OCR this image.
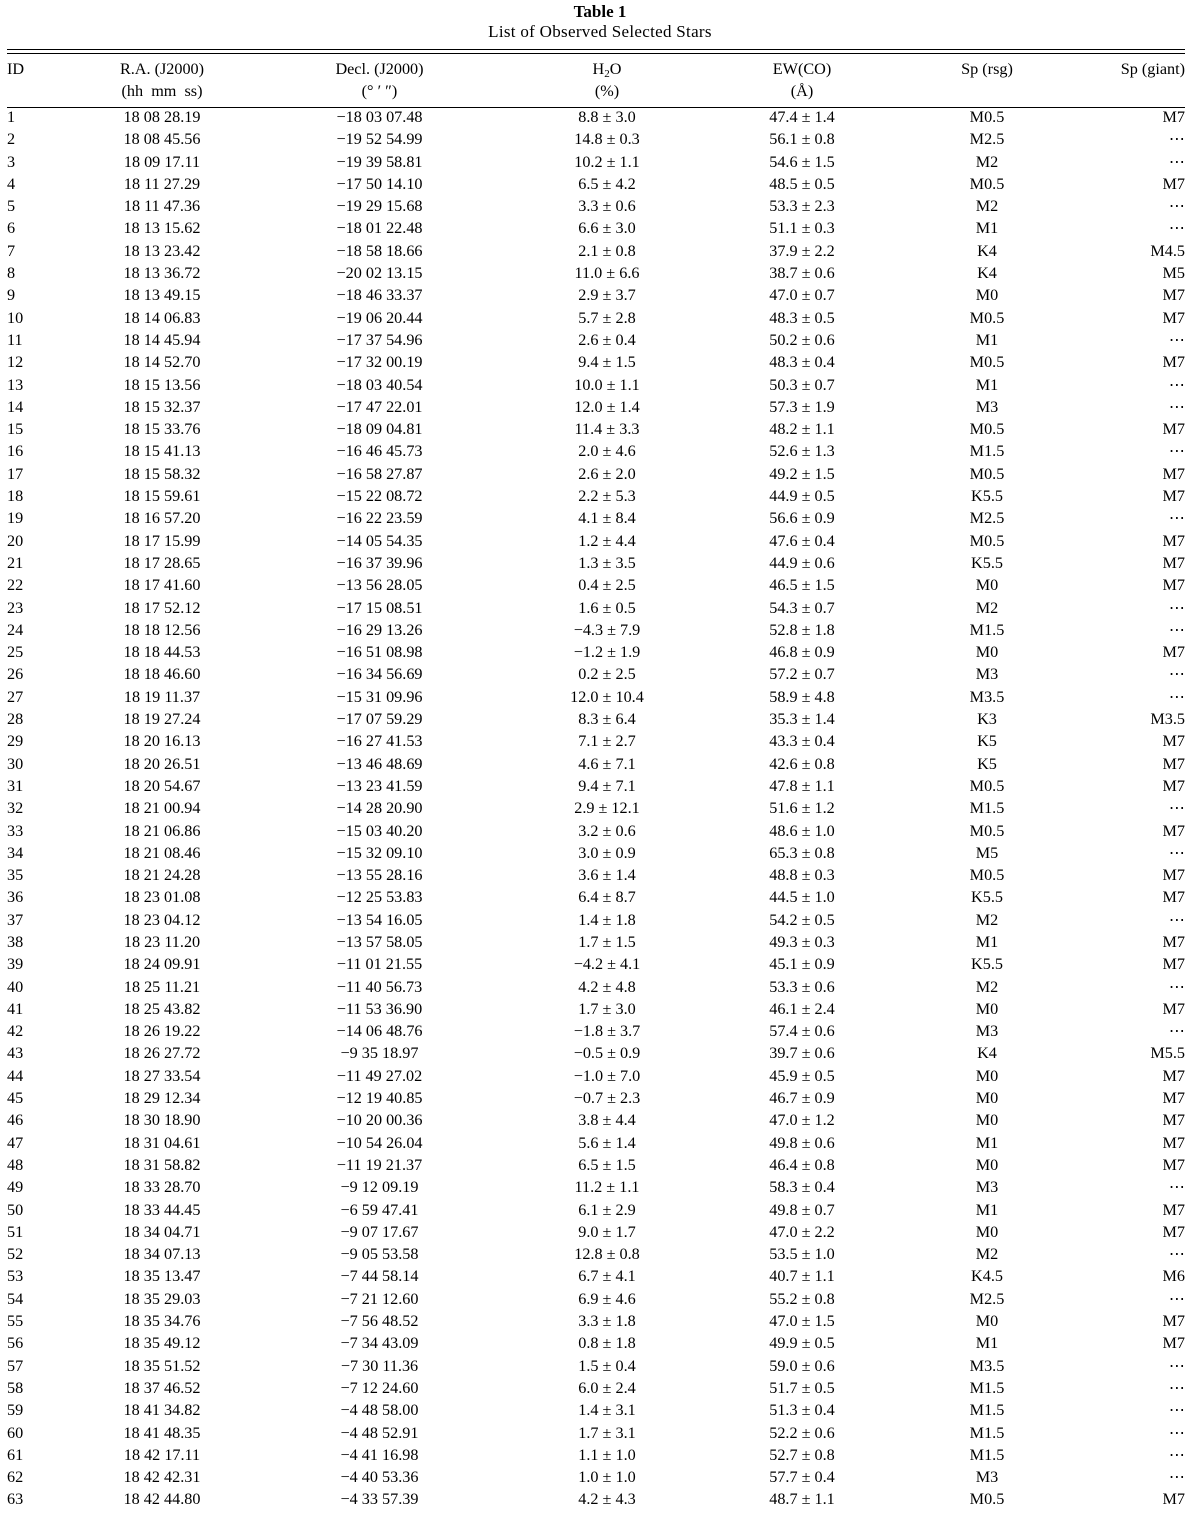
Table 1
List of Observed Selected Stars
ID	R.A. (J2000)	Decl. (J2000)	$H_2O$	EW(CO)	Sp (rsg)	Sp (giant)
	(hh  mm  ss)	(° ′ ″)	(%)	(Å)		
1	18 08 28.19	−18 03 07.48	8.8 ± 3.0	47.4 ± 1.4	M0.5	M7
2	18 08 45.56	−19 52 54.99	14.8 ± 0.3	56.1 ± 0.8	M2.5	⋯
3	18 09 17.11	−19 39 58.81	10.2 ± 1.1	54.6 ± 1.5	M2	⋯
4	18 11 27.29	−17 50 14.10	6.5 ± 4.2	48.5 ± 0.5	M0.5	M7
5	18 11 47.36	−19 29 15.68	3.3 ± 0.6	53.3 ± 2.3	M2	⋯
6	18 13 15.62	−18 01 22.48	6.6 ± 3.0	51.1 ± 0.3	M1	⋯
7	18 13 23.42	−18 58 18.66	2.1 ± 0.8	37.9 ± 2.2	K4	M4.5
8	18 13 36.72	−20 02 13.15	11.0 ± 6.6	38.7 ± 0.6	K4	M5
9	18 13 49.15	−18 46 33.37	2.9 ± 3.7	47.0 ± 0.7	M0	M7
10	18 14 06.83	−19 06 20.44	5.7 ± 2.8	48.3 ± 0.5	M0.5	M7
11	18 14 45.94	−17 37 54.96	2.6 ± 0.4	50.2 ± 0.6	M1	⋯
12	18 14 52.70	−17 32 00.19	9.4 ± 1.5	48.3 ± 0.4	M0.5	M7
13	18 15 13.56	−18 03 40.54	10.0 ± 1.1	50.3 ± 0.7	M1	⋯
14	18 15 32.37	−17 47 22.01	12.0 ± 1.4	57.3 ± 1.9	M3	⋯
15	18 15 33.76	−18 09 04.81	11.4 ± 3.3	48.2 ± 1.1	M0.5	M7
16	18 15 41.13	−16 46 45.73	2.0 ± 4.6	52.6 ± 1.3	M1.5	⋯
17	18 15 58.32	−16 58 27.87	2.6 ± 2.0	49.2 ± 1.5	M0.5	M7
18	18 15 59.61	−15 22 08.72	2.2 ± 5.3	44.9 ± 0.5	K5.5	M7
19	18 16 57.20	−16 22 23.59	4.1 ± 8.4	56.6 ± 0.9	M2.5	⋯
20	18 17 15.99	−14 05 54.35	1.2 ± 4.4	47.6 ± 0.4	M0.5	M7
21	18 17 28.65	−16 37 39.96	1.3 ± 3.5	44.9 ± 0.6	K5.5	M7
22	18 17 41.60	−13 56 28.05	0.4 ± 2.5	46.5 ± 1.5	M0	M7
23	18 17 52.12	−17 15 08.51	1.6 ± 0.5	54.3 ± 0.7	M2	⋯
24	18 18 12.56	−16 29 13.26	−4.3 ± 7.9	52.8 ± 1.8	M1.5	⋯
25	18 18 44.53	−16 51 08.98	−1.2 ± 1.9	46.8 ± 0.9	M0	M7
26	18 18 46.60	−16 34 56.69	0.2 ± 2.5	57.2 ± 0.7	M3	⋯
27	18 19 11.37	−15 31 09.96	12.0 ± 10.4	58.9 ± 4.8	M3.5	⋯
28	18 19 27.24	−17 07 59.29	8.3 ± 6.4	35.3 ± 1.4	K3	M3.5
29	18 20 16.13	−16 27 41.53	7.1 ± 2.7	43.3 ± 0.4	K5	M7
30	18 20 26.51	−13 46 48.69	4.6 ± 7.1	42.6 ± 0.8	K5	M7
31	18 20 54.67	−13 23 41.59	9.4 ± 7.1	47.8 ± 1.1	M0.5	M7
32	18 21 00.94	−14 28 20.90	2.9 ± 12.1	51.6 ± 1.2	M1.5	⋯
33	18 21 06.86	−15 03 40.20	3.2 ± 0.6	48.6 ± 1.0	M0.5	M7
34	18 21 08.46	−15 32 09.10	3.0 ± 0.9	65.3 ± 0.8	M5	⋯
35	18 21 24.28	−13 55 28.16	3.6 ± 1.4	48.8 ± 0.3	M0.5	M7
36	18 23 01.08	−12 25 53.83	6.4 ± 8.7	44.5 ± 1.0	K5.5	M7
37	18 23 04.12	−13 54 16.05	1.4 ± 1.8	54.2 ± 0.5	M2	⋯
38	18 23 11.20	−13 57 58.05	1.7 ± 1.5	49.3 ± 0.3	M1	M7
39	18 24 09.91	−11 01 21.55	−4.2 ± 4.1	45.1 ± 0.9	K5.5	M7
40	18 25 11.21	−11 40 56.73	4.2 ± 4.8	53.3 ± 0.6	M2	⋯
41	18 25 43.82	−11 53 36.90	1.7 ± 3.0	46.1 ± 2.4	M0	M7
42	18 26 19.22	−14 06 48.76	−1.8 ± 3.7	57.4 ± 0.6	M3	⋯
43	18 26 27.72	−9 35 18.97	−0.5 ± 0.9	39.7 ± 0.6	K4	M5.5
44	18 27 33.54	−11 49 27.02	−1.0 ± 7.0	45.9 ± 0.5	M0	M7
45	18 29 12.34	−12 19 40.85	−0.7 ± 2.3	46.7 ± 0.9	M0	M7
46	18 30 18.90	−10 20 00.36	3.8 ± 4.4	47.0 ± 1.2	M0	M7
47	18 31 04.61	−10 54 26.04	5.6 ± 1.4	49.8 ± 0.6	M1	M7
48	18 31 58.82	−11 19 21.37	6.5 ± 1.5	46.4 ± 0.8	M0	M7
49	18 33 28.70	−9 12 09.19	11.2 ± 1.1	58.3 ± 0.4	M3	⋯
50	18 33 44.45	−6 59 47.41	6.1 ± 2.9	49.8 ± 0.7	M1	M7
51	18 34 04.71	−9 07 17.67	9.0 ± 1.7	47.0 ± 2.2	M0	M7
52	18 34 07.13	−9 05 53.58	12.8 ± 0.8	53.5 ± 1.0	M2	⋯
53	18 35 13.47	−7 44 58.14	6.7 ± 4.1	40.7 ± 1.1	K4.5	M6
54	18 35 29.03	−7 21 12.60	6.9 ± 4.6	55.2 ± 0.8	M2.5	⋯
55	18 35 34.76	−7 56 48.52	3.3 ± 1.8	47.0 ± 1.5	M0	M7
56	18 35 49.12	−7 34 43.09	0.8 ± 1.8	49.9 ± 0.5	M1	M7
57	18 35 51.52	−7 30 11.36	1.5 ± 0.4	59.0 ± 0.6	M3.5	⋯
58	18 37 46.52	−7 12 24.60	6.0 ± 2.4	51.7 ± 0.5	M1.5	⋯
59	18 41 34.82	−4 48 58.00	1.4 ± 3.1	51.3 ± 0.4	M1.5	⋯
60	18 41 48.35	−4 48 52.91	1.7 ± 3.1	52.2 ± 0.6	M1.5	⋯
61	18 42 17.11	−4 41 16.98	1.1 ± 1.0	52.7 ± 0.8	M1.5	⋯
62	18 42 42.31	−4 40 53.36	1.0 ± 1.0	57.7 ± 0.4	M3	⋯
63	18 42 44.80	−4 33 57.39	4.2 ± 4.3	48.7 ± 1.1	M0.5	M7
